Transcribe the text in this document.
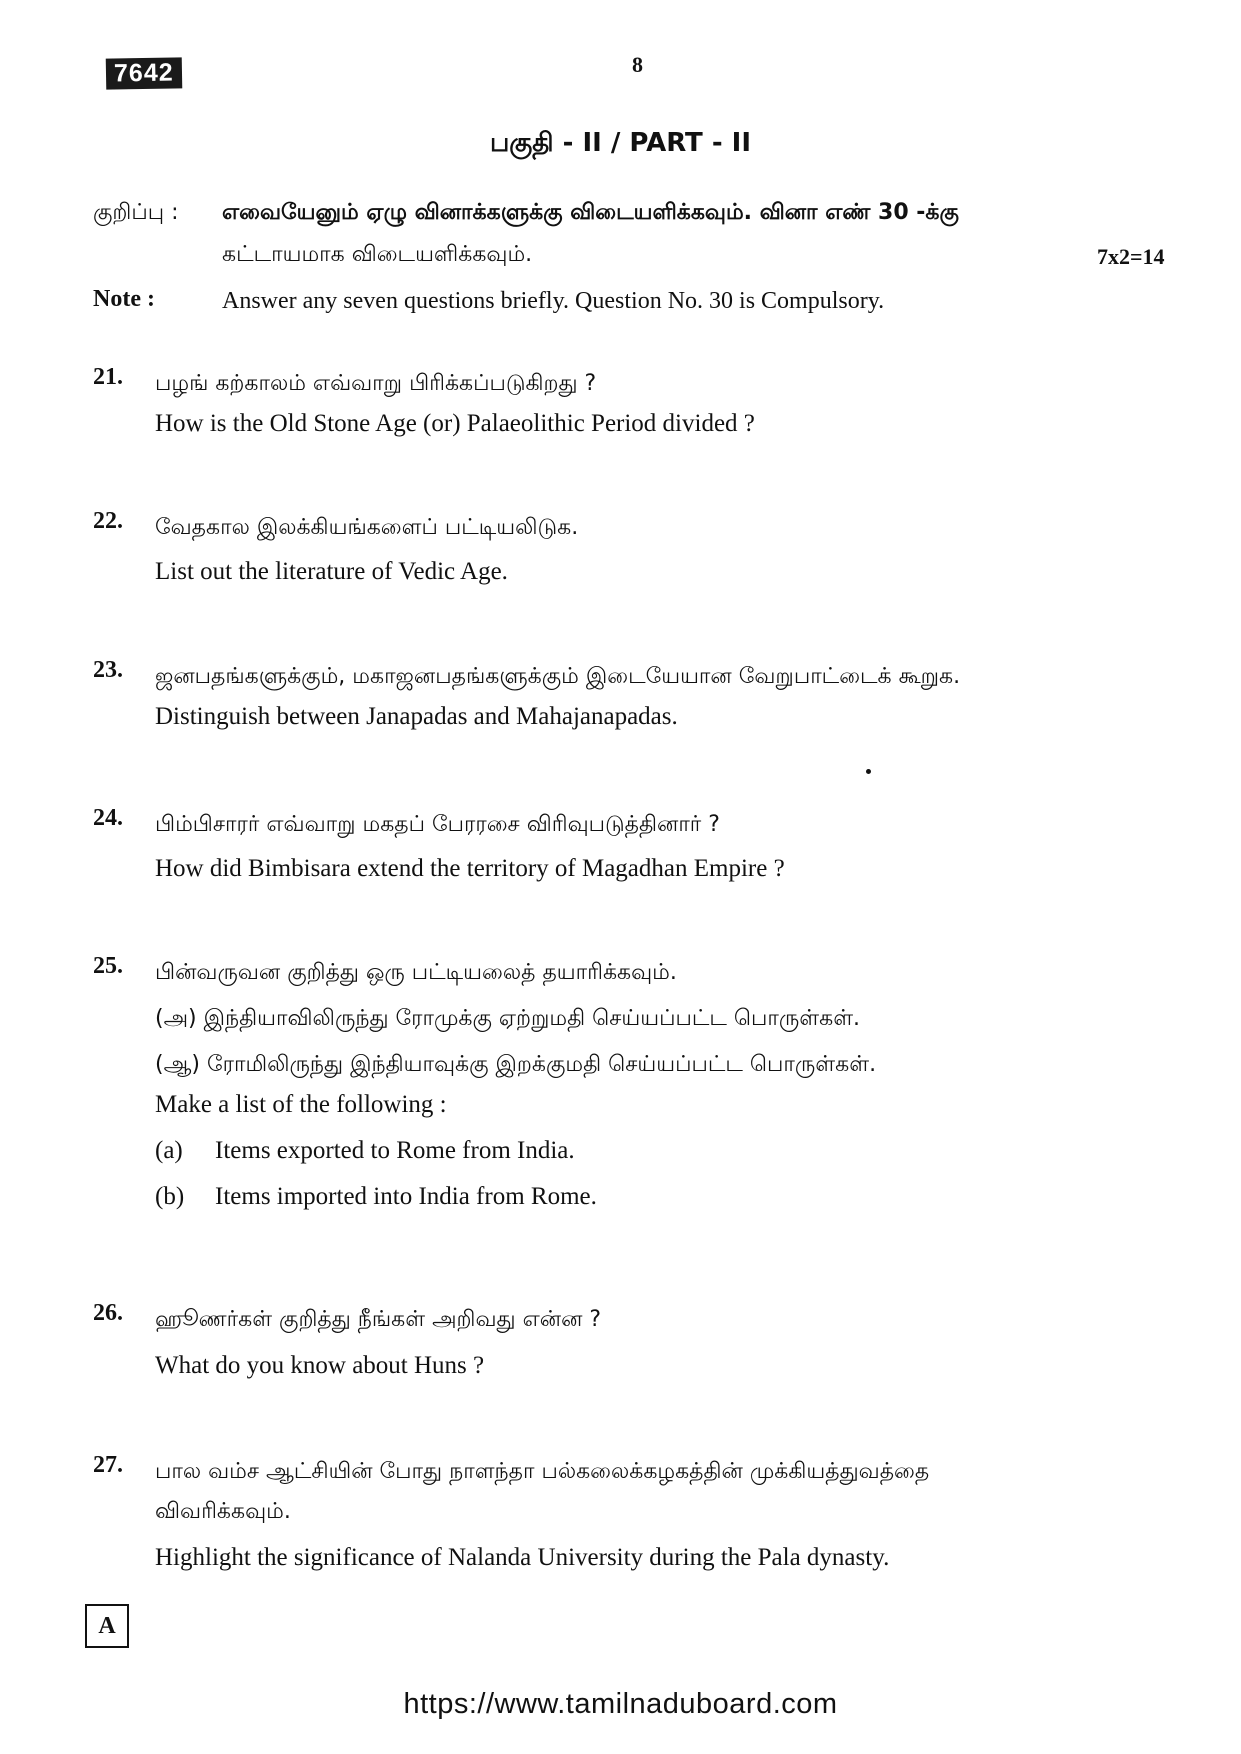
7642	8
பகுதி - II / PART - II
குறிப்பு : எவையேனும் ஏழு வினாக்களுக்கு விடையளிக்கவும். வினா எண் 30 -க்கு
கட்டாயமாக விடையளிக்கவும்.	7x2=14
Note :	Answer any seven questions briefly. Question No. 30 is Compulsory.
21. பழங் கற்காலம் எவ்வாறு பிரிக்கப்படுகிறது ?
How is the Old Stone Age (or) Palaeolithic Period divided ?
22. வேதகால இலக்கியங்களைப் பட்டியலிடுக.
List out the literature of Vedic Age.
23. ஜனபதங்களுக்கும், மகாஜனபதங்களுக்கும் இடையேயான வேறுபாட்டைக் கூறுக.
Distinguish between Janapadas and Mahajanapadas.
24. பிம்பிசாரர் எவ்வாறு மகதப் பேரரசை விரிவுபடுத்தினார் ?
How did Bimbisara extend the territory of Magadhan Empire ?
25. பின்வருவன குறித்து ஒரு பட்டியலைத் தயாரிக்கவும்.
(அ) இந்தியாவிலிருந்து ரோமுக்கு ஏற்றுமதி செய்யப்பட்ட பொருள்கள்.
(ஆ) ரோமிலிருந்து இந்தியாவுக்கு இறக்குமதி செய்யப்பட்ட பொருள்கள்.
Make a list of the following :
(a)	Items exported to Rome from India.
(b)	Items imported into India from Rome.
26. ஹூணர்கள் குறித்து நீங்கள் அறிவது என்ன ?
What do you know about Huns ?
27. பால வம்ச ஆட்சியின் போது நாளந்தா பல்கலைக்கழகத்தின் முக்கியத்துவத்தை
விவரிக்கவும்.
Highlight the significance of Nalanda University during the Pala dynasty.
A
https://www.tamilnaduboard.com
